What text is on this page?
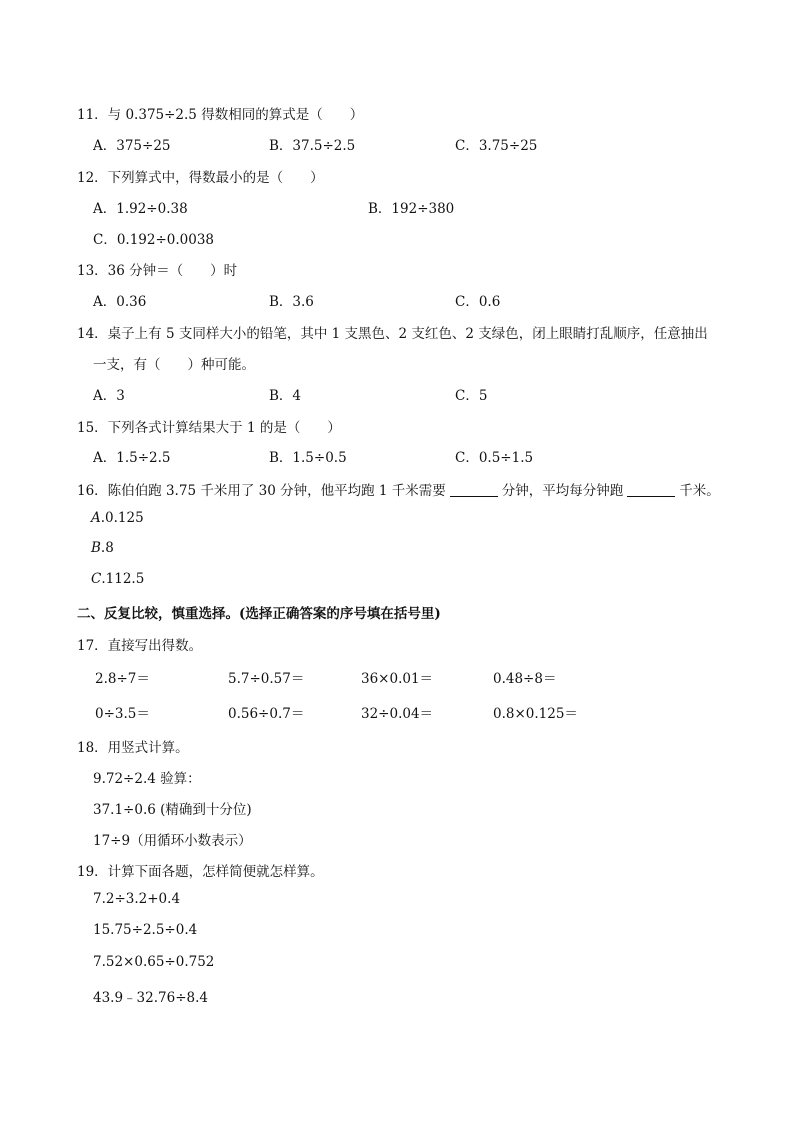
11．与 0.375÷2.5 得数相同的算式是（　　）
A．375÷25	B．37.5÷2.5	C．3.75÷25
12．下列算式中，得数最小的是（　　）
A．1.92÷0.38	B．192÷380
C．0.192÷0.0038
13．36 分钟＝（　　）时
A．0.36	B．3.6	C．0.6
14．桌子上有 5 支同样大小的铅笔，其中 1 支黑色、2 支红色、2 支绿色，闭上眼睛打乱顺序，任意抽出
一支，有（　　）种可能。
A．3	B．4	C．5
15．下列各式计算结果大于 1 的是（　　）
A．1.5÷2.5	B．1.5÷0.5	C．0.5÷1.5
16．陈伯伯跑 3.75 千米用了 30 分钟，他平均跑 1 千米需要	分钟，平均每分钟跑	千米。
A.0.125
B.8
C.112.5
二、反复比较，慎重选择。(选择正确答案的序号填在括号里)
17．直接写出得数。
2.8÷7＝	5.7÷0.57＝	36×0.01＝	0.48÷8＝
0÷3.5＝	0.56÷0.7＝	32÷0.04＝	0.8×0.125＝
18．用竖式计算。
9.72÷2.4 验算：
37.1÷0.6 (精确到十分位)
17÷9（用循环小数表示）
19．计算下面各题，怎样简便就怎样算。
7.2÷3.2+0.4
15.75÷2.5÷0.4
7.52×0.65÷0.752
43.9﹣32.76÷8.4
